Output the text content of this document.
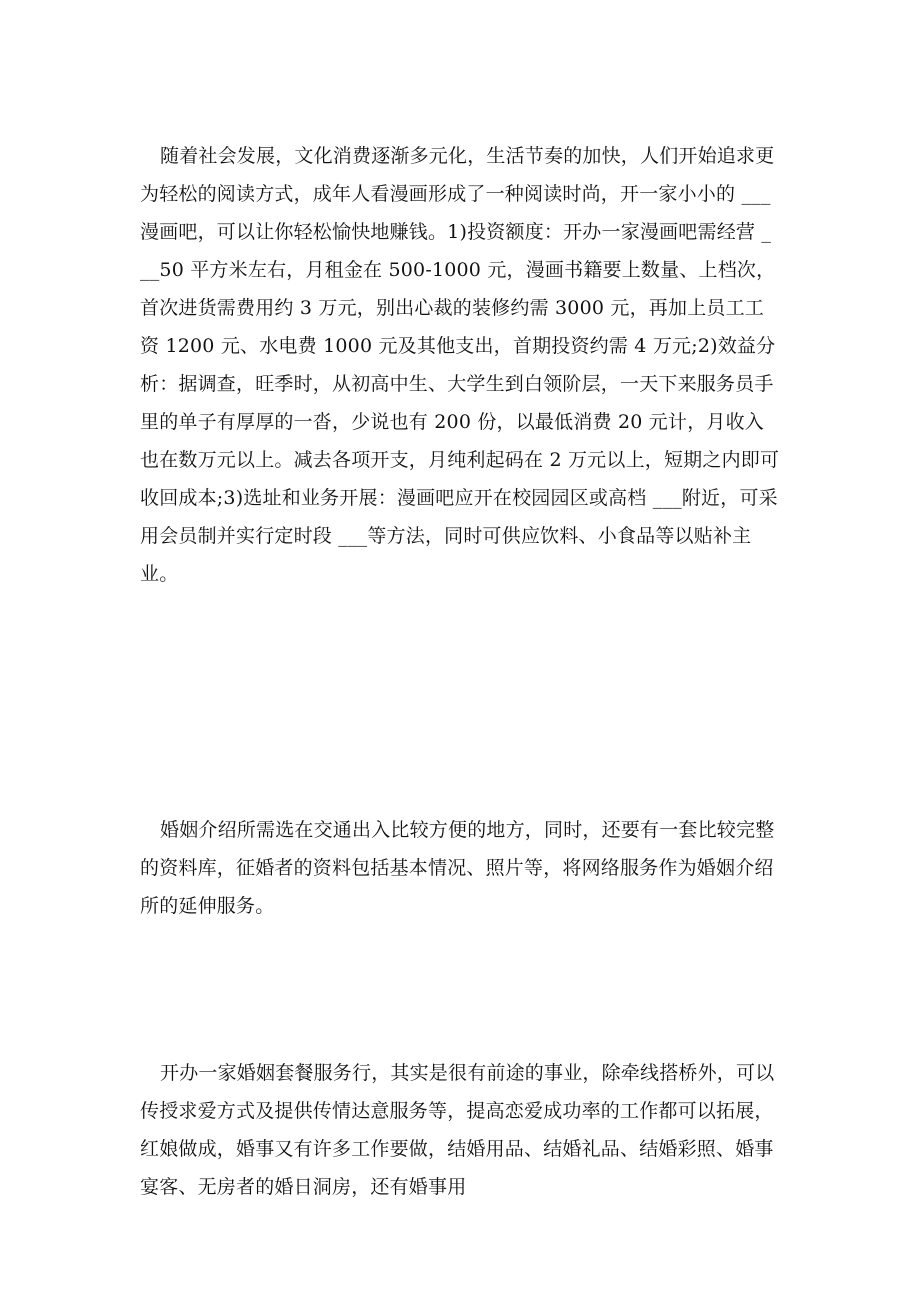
随着社会发展，文化消费逐渐多元化，生活节奏的加快，人们开始追求更为轻松的阅读方式，成年人看漫画形成了一种阅读时尚，开一家小小的 ___漫画吧，可以让你轻松愉快地赚钱。1)投资额度：开办一家漫画吧需经营 ___50 平方米左右，月租金在 500-1000 元，漫画书籍要上数量、上档次，首次进货需费用约 3 万元，别出心裁的装修约需 3000 元，再加上员工工资 1200 元、水电费 1000 元及其他支出，首期投资约需 4 万元;2)效益分析：据调查，旺季时，从初高中生、大学生到白领阶层，一天下来服务员手里的单子有厚厚的一沓，少说也有 200 份，以最低消费 20 元计，月收入也在数万元以上。减去各项开支，月纯利起码在 2 万元以上，短期之内即可收回成本;3)选址和业务开展：漫画吧应开在校园园区或高档 ___附近，可采用会员制并实行定时段 ___等方法，同时可供应饮料、小食品等以贴补主业。

婚姻介绍所需选在交通出入比较方便的地方，同时，还要有一套比较完整的资料库，征婚者的资料包括基本情况、照片等，将网络服务作为婚姻介绍所的延伸服务。

开办一家婚姻套餐服务行，其实是很有前途的事业，除牵线搭桥外，可以传授求爱方式及提供传情达意服务等，提高恋爱成功率的工作都可以拓展，红娘做成，婚事又有许多工作要做，结婚用品、结婚礼品、结婚彩照、婚事宴客、无房者的婚日洞房，还有婚事用
